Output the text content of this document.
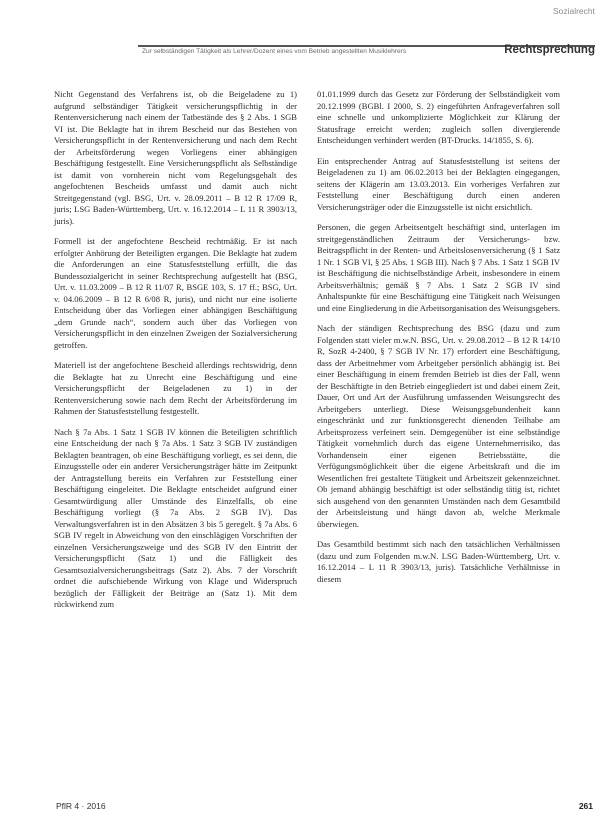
Sozialrecht
Zur selbständigen Tätigkeit als Lehrer/Dozent eines vom Betrieb angestellten Musiklehrers	Rechtsprechung

Nicht Gegenstand des Verfahrens ist, ob die Beigeladene zu 1) aufgrund selbständiger Tätigkeit versicherungspflichtig in der Rentenversicherung nach einem der Tatbestände des § 2 Abs. 1 SGB VI ist. Die Beklagte hat in ihrem Bescheid nur das Bestehen von Versicherungspflicht in der Rentenversicherung und nach dem Recht der Arbeitsförderung wegen Vorliegens einer abhängigen Beschäftigung festgestellt. Eine Versicherungspflicht als Selbständige ist damit von vornherein nicht vom Regelungsgehalt des angefochtenen Bescheids umfasst und damit auch nicht Streitgegenstand (vgl. BSG, Urt. v. 28.09.2011 – B 12 R 17/09 R, juris; LSG Baden-Württemberg, Urt. v. 16.12.2014 – L 11 R 3903/13, juris).

Formell ist der angefochtene Bescheid rechtmäßig. Er ist nach erfolgter Anhörung der Beteiligten ergangen. Die Beklagte hat zudem die Anforderungen an eine Statusfeststellung erfüllt, die das Bundessozialgericht in seiner Rechtsprechung aufgestellt hat (BSG, Urt. v. 11.03.2009 – B 12 R 11/07 R, BSGE 103, S. 17 ff.; BSG, Urt. v. 04.06.2009 – B 12 R 6/08 R, juris), und nicht nur eine isolierte Entscheidung über das Vorliegen einer abhängigen Beschäftigung „dem Grunde nach“, sondern auch über das Vorliegen von Versicherungspflicht in den einzelnen Zweigen der Sozialversicherung getroffen.

Materiell ist der angefochtene Bescheid allerdings rechtswidrig, denn die Beklagte hat zu Unrecht eine Beschäftigung und eine Versicherungspflicht der Beigeladenen zu 1) in der Rentenversicherung sowie nach dem Recht der Arbeitsförderung im Rahmen der Statusfeststellung festgestellt.

Nach § 7a Abs. 1 Satz 1 SGB IV können die Beteiligten schriftlich eine Entscheidung der nach § 7a Abs. 1 Satz 3 SGB IV zuständigen Beklagten beantragen, ob eine Beschäftigung vorliegt, es sei denn, die Einzugsstelle oder ein anderer Versicherungsträger hätte im Zeitpunkt der Antragstellung bereits ein Verfahren zur Feststellung einer Beschäftigung eingeleitet. Die Beklagte entscheidet aufgrund einer Gesamtwürdigung aller Umstände des Einzelfalls, ob eine Beschäftigung vorliegt (§ 7a Abs. 2 SGB IV). Das Verwaltungsverfahren ist in den Absätzen 3 bis 5 geregelt. § 7a Abs. 6 SGB IV regelt in Abweichung von den einschlägigen Vorschriften der einzelnen Versicherungszweige und des SGB IV den Eintritt der Versicherungspflicht (Satz 1) und die Fälligkeit des Gesamtsozialversicherungsbeitrags (Satz 2). Abs. 7 der Vorschrift ordnet die aufschiebende Wirkung von Klage und Widerspruch bezüglich der Fälligkeit der Beiträge an (Satz 1). Mit dem rückwirkend zum

01.01.1999 durch das Gesetz zur Förderung der Selbständigkeit vom 20.12.1999 (BGBl. I 2000, S. 2) eingeführten Anfrageverfahren soll eine schnelle und unkomplizierte Möglichkeit zur Klärung der Statusfrage erreicht werden; zugleich sollen divergierende Entscheidungen verhindert werden (BT-Drucks. 14/1855, S. 6).

Ein entsprechender Antrag auf Statusfeststellung ist seitens der Beigeladenen zu 1) am 06.02.2013 bei der Beklagten eingegangen, seitens der Klägerin am 13.03.2013. Ein vorheriges Verfahren zur Feststellung einer Beschäftigung durch einen anderen Versicherungsträger oder die Einzugsstelle ist nicht ersichtlich.

Personen, die gegen Arbeitsentgelt beschäftigt sind, unterlagen im streitgegenständlichen Zeitraum der Versicherungs- bzw. Beitragspflicht in der Renten- und Arbeitslosenversicherung (§ 1 Satz 1 Nr. 1 SGB VI, § 25 Abs. 1 SGB III). Nach § 7 Abs. 1 Satz 1 SGB IV ist Beschäftigung die nichtselbständige Arbeit, insbesondere in einem Arbeitsverhältnis; gemäß § 7 Abs. 1 Satz 2 SGB IV sind Anhaltspunkte für eine Beschäftigung eine Tätigkeit nach Weisungen und eine Eingliederung in die Arbeitsorganisation des Weisungsgebers.

Nach der ständigen Rechtsprechung des BSG (dazu und zum Folgenden statt vieler m.w.N. BSG, Urt. v. 29.08.2012 – B 12 R 14/10 R, SozR 4-2400, § 7 SGB IV Nr. 17) erfordert eine Beschäftigung, dass der Arbeitnehmer vom Arbeitgeber persönlich abhängig ist. Bei einer Beschäftigung in einem fremden Betrieb ist dies der Fall, wenn der Beschäftigte in den Betrieb eingegliedert ist und dabei einem Zeit, Dauer, Ort und Art der Ausführung umfassenden Weisungsrecht des Arbeitgebers unterliegt. Diese Weisungsgebundenheit kann eingeschränkt und zur funktionsgerecht dienenden Teilhabe am Arbeitsprozess verfeinert sein. Demgegenüber ist eine selbständige Tätigkeit vornehmlich durch das eigene Unternehmerrisiko, das Vorhandensein einer eigenen Betriebsstätte, die Verfügungsmöglichkeit über die eigene Arbeitskraft und die im Wesentlichen frei gestaltete Tätigkeit und Arbeitszeit gekennzeichnet. Ob jemand abhängig beschäftigt ist oder selbständig tätig ist, richtet sich ausgehend von den genannten Umständen nach dem Gesamtbild der Arbeitsleistung und hängt davon ab, welche Merkmale überwiegen.

Das Gesamtbild bestimmt sich nach den tatsächlichen Verhältnissen (dazu und zum Folgenden m.w.N. LSG Baden-Württemberg, Urt. v. 16.12.2014 – L 11 R 3903/13, juris). Tatsächliche Verhältnisse in diesem

PflR 4 · 2016	261
